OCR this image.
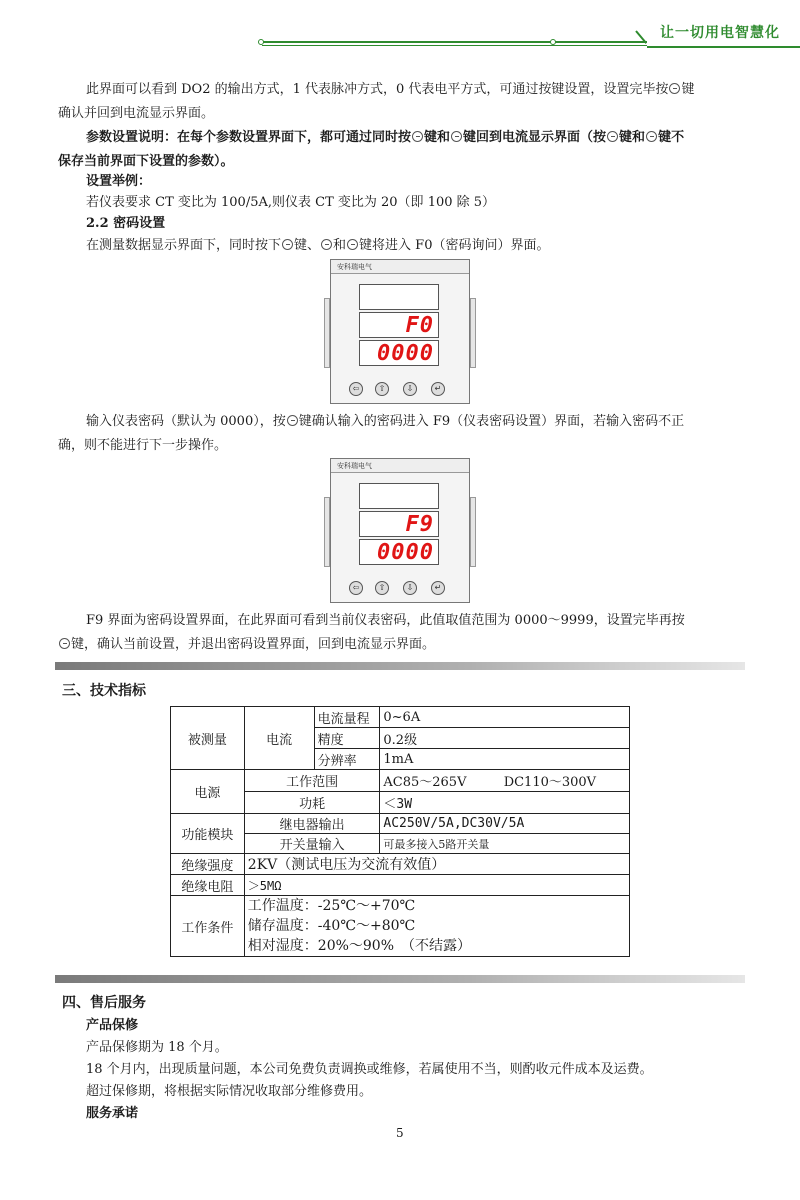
让一切用电智慧化
此界面可以看到 DO2 的输出方式，1 代表脉冲方式，0 代表电平方式，可通过按键设置，设置完毕按 键
确认并回到电流显示界面。
参数设置说明：在每个参数设置界面下，都可通过同时按 键和 键回到电流显示界面（按 键和 键不
保存当前界面下设置的参数）。
设置举例：
若仪表要求 CT 变比为 100/5A,则仪表 CT 变比为 20（即 100 除 5）
2.2 密码设置
在测量数据显示界面下，同时按下 键、 和 键将进入 F0（密码询问）界面。
安科瑞电气
F0
0000
⇦	⇧	⇩	↵
输入仪表密码（默认为 0000），按 键确认输入的密码进入 F9（仪表密码设置）界面，若输入密码不正
确，则不能进行下一步操作。
安科瑞电气
F9
0000
⇦	⇧	⇩	↵
F9 界面为密码设置界面，在此界面可看到当前仪表密码，此值取值范围为 0000～9999，设置完毕再按
键，确认当前设置，并退出密码设置界面，回到电流显示界面。
三、技术指标
被测量	电流	电流量程	0~6A
		精度	0.2级
		分辨率	1mA
电源	工作范围		AC85～265V DC110～300V
	功耗		＜3W
功能模块	继电器输出		AC250V/5A,DC30V/5A
	开关量输入		可最多接入5路开关量
绝缘强度	2KV（测试电压为交流有效值）		
绝缘电阻	＞5MΩ		
工作条件	工作温度：-25℃～+70℃
储存温度：-40℃～+80℃
相对湿度：20%～90%　（不结露）		
四、售后服务
产品保修
产品保修期为 18 个月。
18 个月内，出现质量问题，本公司免费负责调换或维修，若属使用不当，则酌收元件成本及运费。
超过保修期，将根据实际情况收取部分维修费用。
服务承诺
5
